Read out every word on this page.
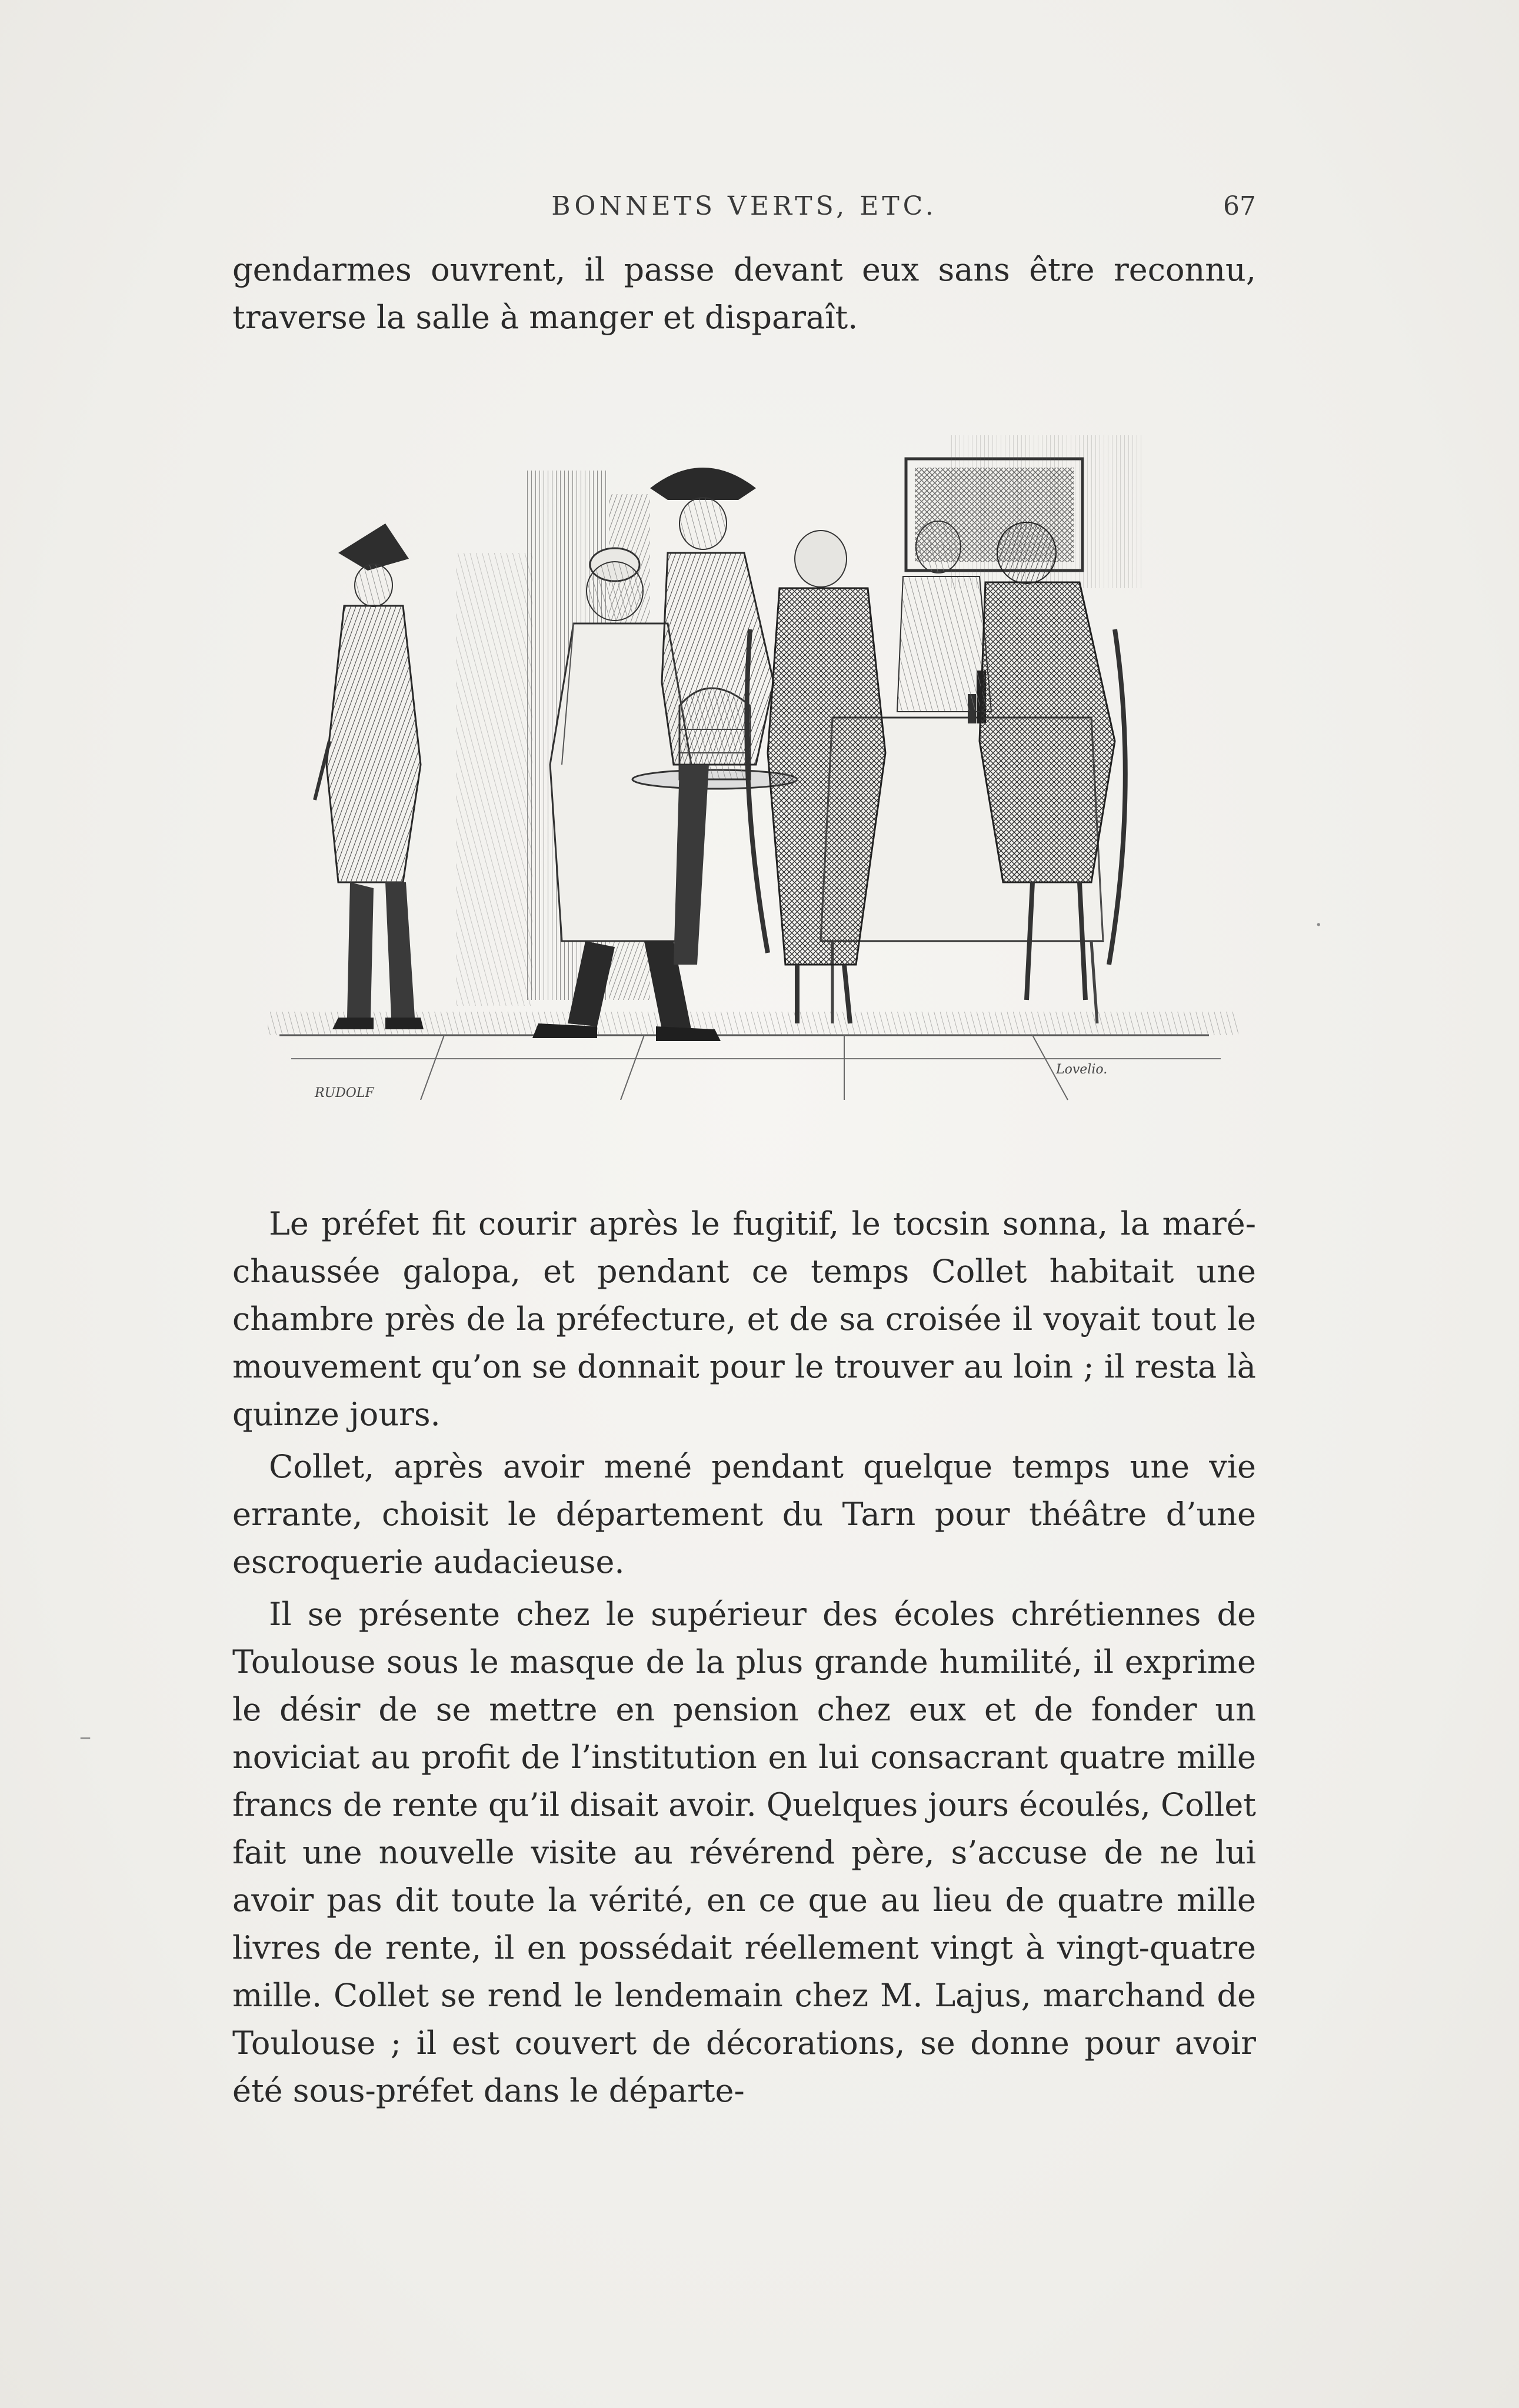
BONNETS VERTS, ETC.	67

gendarmes ouvrent, il passe devant eux sans être reconnu, traverse la salle à manger et disparaît.

RUDOLF
Lovelio.

Le préfet fit courir après le fugitif, le tocsin sonna, la maréchaussée galopa, et pendant ce temps Collet habitait une chambre près de la préfecture, et de sa croisée il voyait tout le mouvement qu’on se donnait pour le trouver au loin ; il resta là quinze jours.

Collet, après avoir mené pendant quelque temps une vie errante, choisit le département du Tarn pour théâtre d’une escroquerie audacieuse.

Il se présente chez le supérieur des écoles chrétiennes de Toulouse sous le masque de la plus grande humilité, il exprime le désir de se mettre en pension chez eux et de fonder un noviciat au profit de l’institution en lui consacrant quatre mille francs de rente qu’il disait avoir. Quelques jours écoulés, Collet fait une nouvelle visite au révérend père, s’accuse de ne lui avoir pas dit toute la vérité, en ce que au lieu de quatre mille livres de rente, il en possédait réellement vingt à vingt-quatre mille. Collet se rend le lendemain chez M. Lajus, marchand de Toulouse ; il est couvert de décorations, se donne pour avoir été sous-préfet dans le départe-

–
·
